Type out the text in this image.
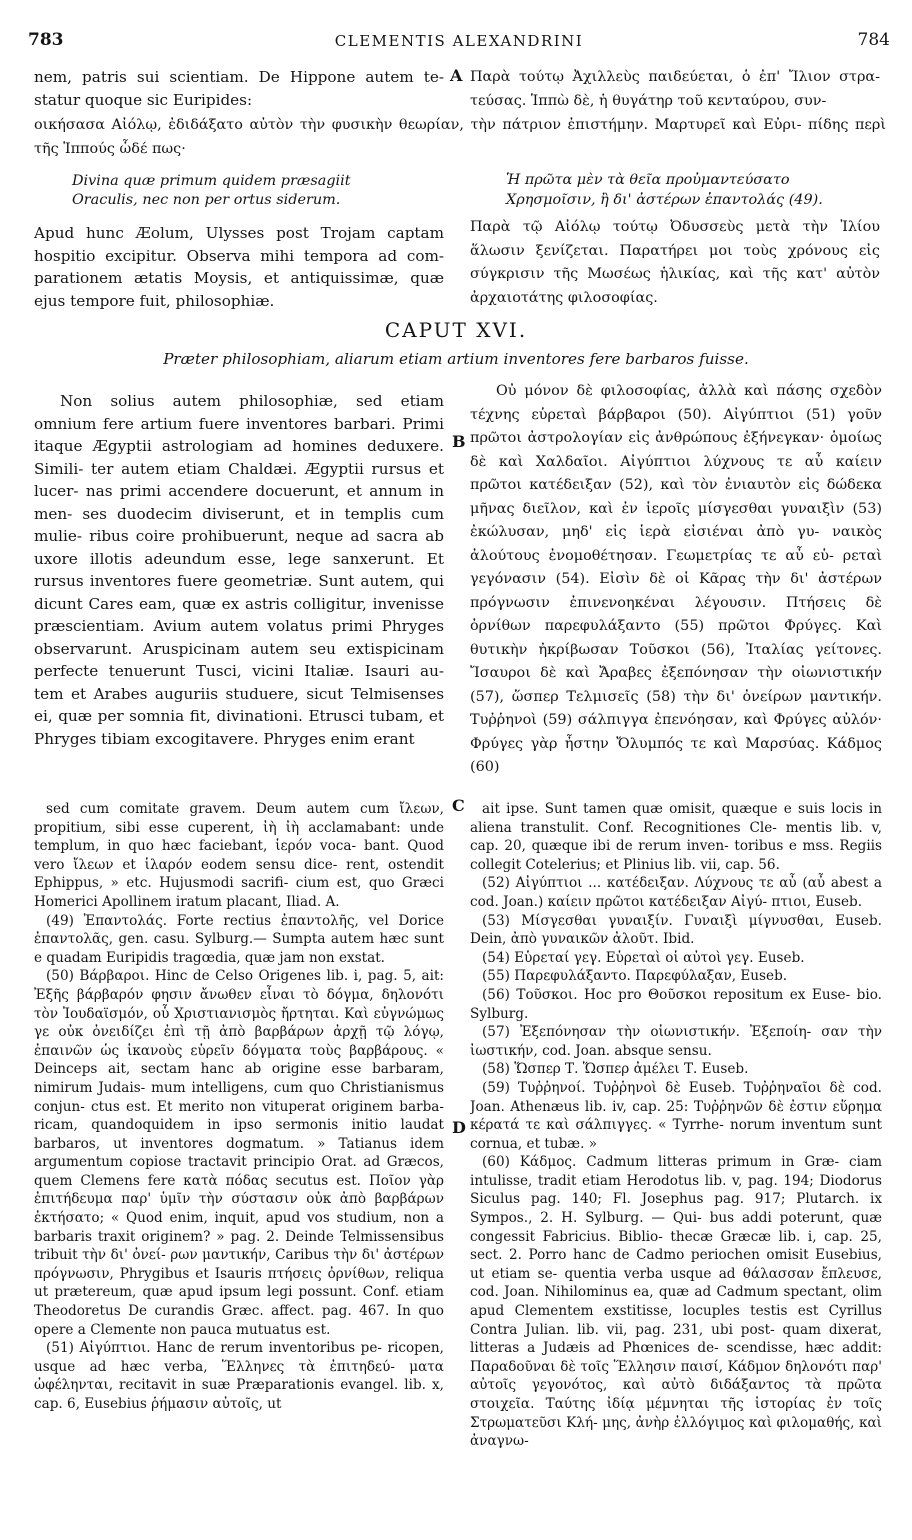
783	CLEMENTIS ALEXANDRINI	784
nem, patris sui scientiam. De Hippone autem te- statur quoque sic Euripides:
A Παρὰ τούτῳ Ἀχιλλεὺς παιδεύεται, ὁ ἐπ' Ἴλιον στρα- τεύσας. Ἱππὼ δὲ, ἡ θυγάτηρ τοῦ κενταύρου, συν-
οικήσασα Αἰόλῳ, ἐδιδάξατο αὐτὸν τὴν φυσικὴν θεωρίαν, τὴν πάτριον ἐπιστήμην. Μαρτυρεῖ καὶ Εὐρι- πίδης περὶ τῆς Ἱππούς ὧδέ πως·

Divina quæ primum quidem præsagiit

Oraculis, nec non per ortus siderum.

Ἡ πρῶτα μὲν τὰ θεῖα προὐμαντεύσατο

Χρησμοῖσιν, ἢ δι' ἀστέρων ἐπαντολάς (49).

Apud hunc Æolum, Ulysses post Trojam captam hospitio excipitur. Observa mihi tempora ad com- parationem ætatis Moysis, et antiquissimæ, quæ ejus tempore fuit, philosophiæ.
Παρὰ τῷ Αἰόλῳ τούτῳ Ὀδυσσεὺς μετὰ τὴν Ἰλίου ἅλωσιν ξενίζεται. Παρατήρει μοι τοὺς χρόνους εἰς σύγκρισιν τῆς Μωσέως ἡλικίας, καὶ τῆς κατ' αὐτὸν ἀρχαιοτάτης φιλοσοφίας.
CAPUT XVI.
Præter philosophiam, aliarum etiam artium inventores fere barbaros fuisse.
Non solius autem philosophiæ, sed etiam omnium fere artium fuere inventores barbari. Primi itaque Ægyptii astrologiam ad homines deduxere. Simili- ter autem etiam Chaldæi. Ægyptii rursus et lucer- nas primi accendere docuerunt, et annum in men- ses duodecim diviserunt, et in templis cum mulie- ribus coire prohibuerunt, neque ad sacra ab uxore illotis adeundum esse, lege sanxerunt. Et rursus inventores fuere geometriæ. Sunt autem, qui dicunt Cares eam, quæ ex astris colligitur, invenisse præscientiam. Avium autem volatus primi Phryges observarunt. Aruspicinam autem seu extispicinam perfecte tenuerunt Tusci, vicini Italiæ. Isauri au- tem et Arabes auguriis studuere, sicut Telmisenses ei, quæ per somnia fit, divinationi. Etrusci tubam, et Phryges tibiam excogitavere. Phryges enim erant
B
Οὐ μόνον δὲ φιλοσοφίας, ἀλλὰ καὶ πάσης σχεδὸν τέχνης εὑρεταὶ βάρβαροι (50). Αἰγύπτιοι (51) γοῦν πρῶτοι ἀστρολογίαν εἰς ἀνθρώπους ἐξήνεγκαν· ὁμοίως δὲ καὶ Χαλδαῖοι. Αἰγύπτιοι λύχνους τε αὖ καίειν πρῶτοι κατέδειξαν (52), καὶ τὸν ἐνιαυτὸν εἰς δώδεκα μῆνας διεῖλον, καὶ ἐν ἱεροῖς μίσγεσθαι γυναιξὶν (53) ἐκώλυσαν, μηδ' εἰς ἱερὰ εἰσιέναι ἀπὸ γυ- ναικὸς ἀλούτους ἐνομοθέτησαν. Γεωμετρίας τε αὖ εὑ- ρεταὶ γεγόνασιν (54). Εἰσὶν δὲ οἱ Κᾶρας τὴν δι' ἀστέρων πρόγνωσιν ἐπινενοηκέναι λέγουσιν. Πτήσεις δὲ ὀρνίθων παρεφυλάξαντο (55) πρῶτοι Φρύγες. Καὶ θυτικὴν ἠκρίβωσαν Τοῦσκοι (56), Ἰταλίας γείτονες. Ἴσαυροι δὲ καὶ Ἄραβες ἐξεπόνησαν τὴν οἰωνιστικήν (57), ὥσπερ Τελμισεῖς (58) τὴν δι' ὀνείρων μαντικήν. Τυῤῥηνοὶ (59) σάλπιγγα ἐπενόησαν, καὶ Φρύγες αὐλόν· Φρύγες γὰρ ἦστην Ὄλυμπός τε καὶ Μαρσύας. Κάδμος (60)
C

sed cum comitate gravem. Deum autem cum ἴλεων, propitium, sibi esse cuperent, ἰὴ ἰὴ acclamabant: unde templum, in quo hæc faciebant, ἱερόν voca- bant. Quod vero ἴλεων et ἱλαρόν eodem sensu dice- rent, ostendit Ephippus, » etc. Hujusmodi sacrifi- cium est, quo Græci Homerici Apollinem iratum placant, Iliad. A.

(49) Ἐπαντολάς. Forte rectius ἐπαντολῆς, vel Dorice ἐπαντολᾶς, gen. casu. Sylburg.— Sumpta autem hæc sunt e quadam Euripidis tragœdia, quæ jam non exstat.

(50) Βάρβαροι. Hinc de Celso Origenes lib. i, pag. 5, ait: Ἐξῆς βάρβαρόν φησιν ἄνωθεν εἶναι τὸ δόγμα, δηλονότι τὸν Ἰουδαϊσμόν, οὗ Χριστιανισμὸς ἤρτηται. Καὶ εὐγνώμως γε οὐκ ὀνειδίζει ἐπὶ τῇ ἀπὸ βαρβάρων ἀρχῇ τῷ λόγῳ, ἐπαινῶν ὡς ἱκανοὺς εὑρεῖν δόγματα τοὺς βαρβάρους. « Deinceps ait, sectam hanc ab origine esse barbaram, nimirum Judais- mum intelligens, cum quo Christianismus conjun- ctus est. Et merito non vituperat originem barba- ricam, quandoquidem in ipso sermonis initio laudat barbaros, ut inventores dogmatum. » Tatianus idem argumentum copiose tractavit principio Orat. ad Græcos, quem Clemens fere κατὰ πόδας secutus est. Ποῖον γὰρ ἐπιτήδευμα παρ' ὑμῖν τὴν σύστασιν οὐκ ἀπὸ βαρβάρων ἐκτήσατο; « Quod enim, inquit, apud vos studium, non a barbaris traxit originem? » pag. 2. Deinde Telmissensibus tribuit τὴν δι' ὀνεί- ρων μαντικήν, Caribus τὴν δι' ἀστέρων πρόγνωσιν, Phrygibus et Isauris πτήσεις ὀρνίθων, reliqua ut prætereum, quæ apud ipsum legi possunt. Conf. etiam Theodoretus De curandis Græc. affect. pag. 467. In quo opere a Clemente non pauca mutuatus est.

(51) Αἰγύπτιοι. Hanc de rerum inventoribus pe- ricopen, usque ad hæc verba, Ἕλληνες τὰ ἐπιτηδεύ- ματα ὠφέληνται, recitavit in suæ Præparationis evangel. lib. x, cap. 6, Eusebius ῥήμασιν αὐτοῖς, ut

D

ait ipse. Sunt tamen quæ omisit, quæque e suis locis in aliena transtulit. Conf. Recognitiones Cle- mentis lib. v, cap. 20, quæque ibi de rerum inven- toribus e mss. Regiis collegit Cotelerius; et Plinius lib. vii, cap. 56.

(52) Αἰγύπτιοι ... κατέδειξαν. Λύχνους τε αὖ (αὖ abest a cod. Joan.) καίειν πρῶτοι κατέδειξαν Αἰγύ- πτιοι, Euseb.

(53) Μίσγεσθαι γυναιξίν. Γυναιξὶ μίγνυσθαι, Euseb. Dein, ἀπὸ γυναικῶν ἀλοῦτ. Ibid.

(54) Εὑρεταί γεγ. Εὑρεταὶ οἱ αὐτοὶ γεγ. Euseb.

(55) Παρεφυλάξαντο. Παρεφύλαξαν, Euseb.

(56) Τοῦσκοι. Hoc pro Θοῦσκοι repositum ex Euse- bio. Sylburg.

(57) Ἐξεπόνησαν τὴν οἰωνιστικήν. Ἐξεποίη- σαν τὴν ἰωστικήν, cod. Joan. absque sensu.

(58) Ὥσπερ Τ. Ὥσπερ ἀμέλει Τ. Euseb.

(59) Τυῤῥηνοί. Τυῤῥηνοὶ δὲ Euseb. Τυῤῥηναῖοι δὲ cod. Joan. Athenæus lib. iv, cap. 25: Τυῤῥηνῶν δὲ ἐστιν εὕρημα κέρατά τε καὶ σάλπιγγες. « Tyrrhe- norum inventum sunt cornua, et tubæ. »

(60) Κάδμος. Cadmum litteras primum in Græ- ciam intulisse, tradit etiam Herodotus lib. v, pag. 194; Diodorus Siculus pag. 140; Fl. Josephus pag. 917; Plutarch. ix Sympos., 2. H. Sylburg. — Qui- bus addi poterunt, quæ congessit Fabricius. Biblio- thecæ Græcæ lib. i, cap. 25, sect. 2. Porro hanc de Cadmo periochen omisit Eusebius, ut etiam se- quentia verba usque ad θάλασσαν ἔπλευσε, cod. Joan. Nihilominus ea, quæ ad Cadmum spectant, olim apud Clementem exstitisse, locuples testis est Cyrillus Contra Julian. lib. vii, pag. 231, ubi post- quam dixerat, litteras a Judæis ad Phœnices de- scendisse, hæc addit: Παραδοῦναι δὲ τοῖς Ἕλλησιν παισί, Κάδμον δηλονότι παρ' αὐτοῖς γεγονότος, καὶ αὐτὸ διδάξαντος τὰ πρῶτα στοιχεῖα. Ταύτης ἰδίᾳ μέμνηται τῆς ἱστορίας ἐν τοῖς Στρωματεῦσι Κλή- μης, ἀνὴρ ἐλλόγιμος καὶ φιλομαθής, καὶ ἀναγνω-
